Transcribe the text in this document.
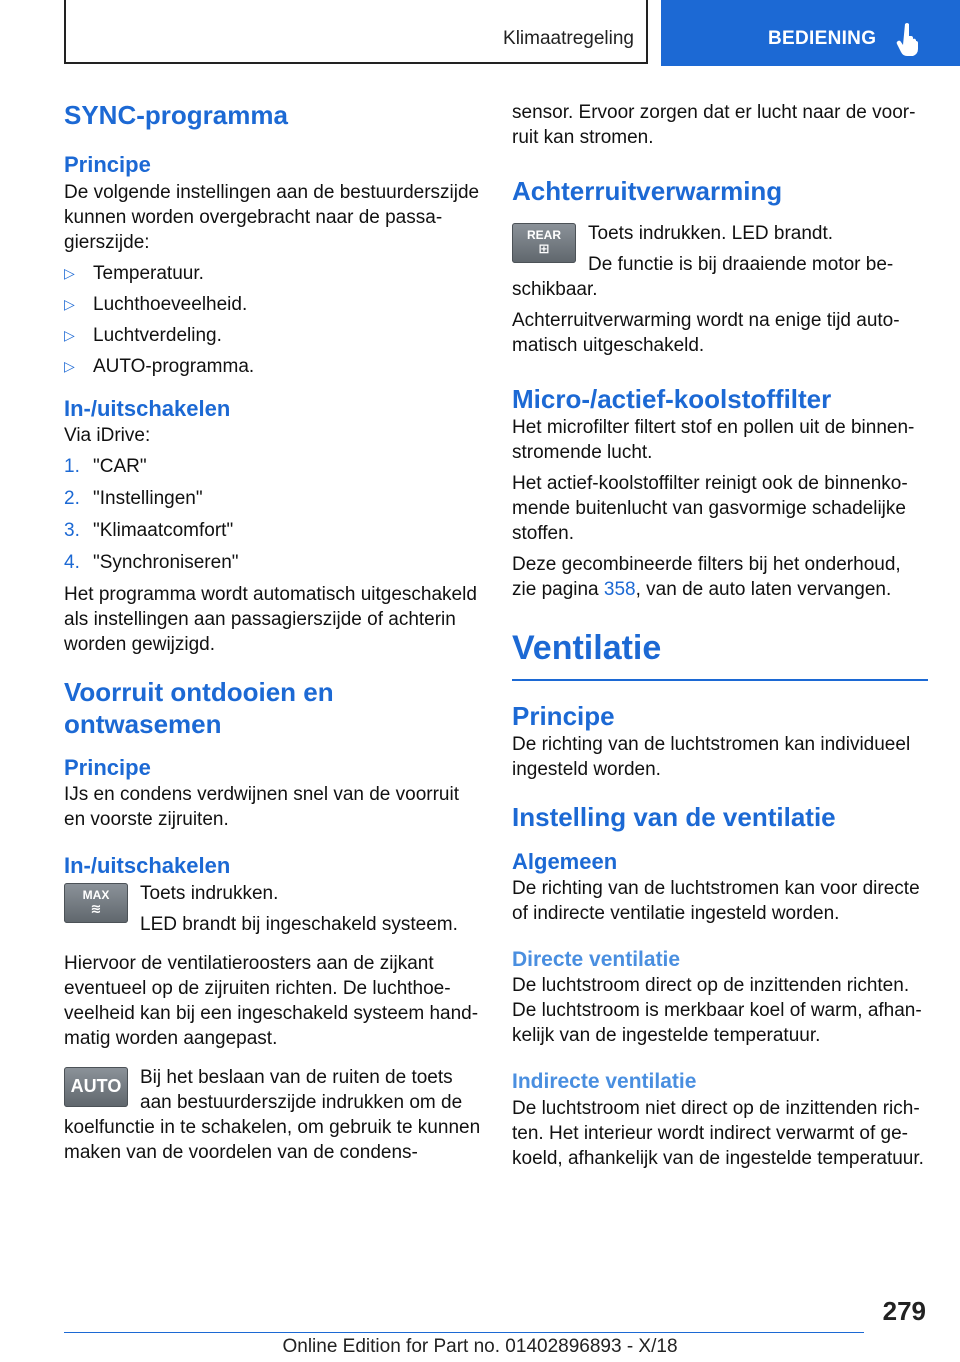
Klimaatregeling	BEDIENING
SYNC-programma
Principe

De volgende instellingen aan de bestuurderszijde kunnen worden overgebracht naar de passagierszijde:

▷ Temperatuur.
▷ Luchthoeveelheid.
▷ Luchtverdeling.
▷ AUTO-programma.
In-/uitschakelen

Via iDrive:

1. "CAR"
2. "Instellingen"
3. "Klimaatcomfort"
4. "Synchroniseren"

Het programma wordt automatisch uitgeschakeld als instellingen aan passagierszijde of achterin worden gewijzigd.

Voorruit ontdooien en ontwasemen
Principe

IJs en condens verdwijnen snel van de voorruit en voorste zijruiten.

In-/uitschakelen
MAX
≋

Toets indrukken.

LED brandt bij ingeschakeld systeem.

Hiervoor de ventilatieroosters aan de zijkant eventueel op de zijruiten richten. De luchthoeveelheid kan bij een ingeschakeld systeem handmatig worden aangepast.

AUTO Bij het beslaan van de ruiten de toets aan bestuurderszijde indrukken om de koelfunctie in te schakelen, om gebruik te kunnen maken van de voordelen van de condens-

sensor. Ervoor zorgen dat er lucht naar de voorruit kan stromen.

Achterruitverwarming
REAR
⊞

Toets indrukken. LED brandt.

De functie is bij draaiende motor beschikbaar.

Achterruitverwarming wordt na enige tijd automatisch uitgeschakeld.

Micro-/actief-koolstoffilter

Het microfilter filtert stof en pollen uit de binnenstromende lucht.

Het actief-koolstoffilter reinigt ook de binnenkomende buitenlucht van gasvormige schadelijke stoffen.

Deze gecombineerde filters bij het onderhoud, zie pagina 358, van de auto laten vervangen.

Ventilatie
Principe

De richting van de luchtstromen kan individueel ingesteld worden.

Instelling van de ventilatie
Algemeen

De richting van de luchtstromen kan voor directe of indirecte ventilatie ingesteld worden.

Directe ventilatie

De luchtstroom direct op de inzittenden richten. De luchtstroom is merkbaar koel of warm, afhankelijk van de ingestelde temperatuur.

Indirecte ventilatie

De luchtstroom niet direct op de inzittenden richten. Het interieur wordt indirect verwarmt of gekoeld, afhankelijk van de ingestelde temperatuur.

279
Online Edition for Part no. 01402896893 - X/18
